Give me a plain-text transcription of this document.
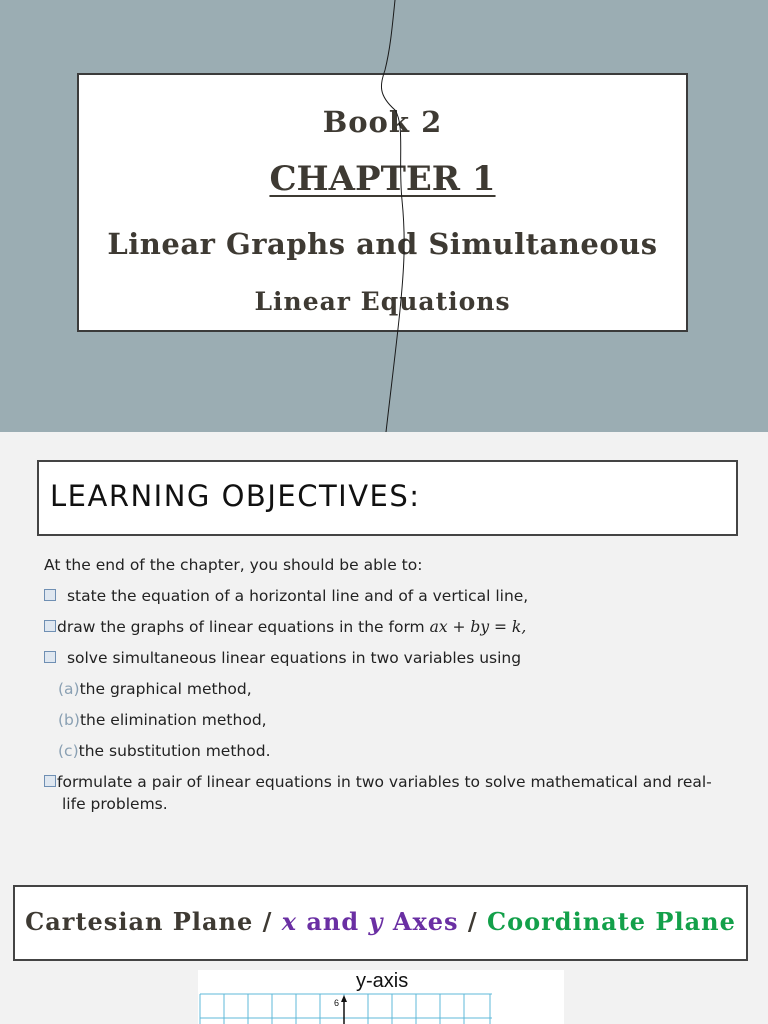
Book 2
CHAPTER 1
Linear Graphs and Simultaneous
Linear Equations
LEARNING OBJECTIVES:
At the end of the chapter, you should be able to:
state the equation of a horizontal line and of a vertical line,
draw the graphs of linear equations in the form ax + by = k,
solve simultaneous linear equations in two variables using
(a)the graphical method,
(b)the elimination method,
(c)the substitution method.
formulate a pair of linear equations in two variables to solve mathematical and real-
life problems.
Cartesian Plane / x and y Axes / Coordinate Plane
y-axis
6
